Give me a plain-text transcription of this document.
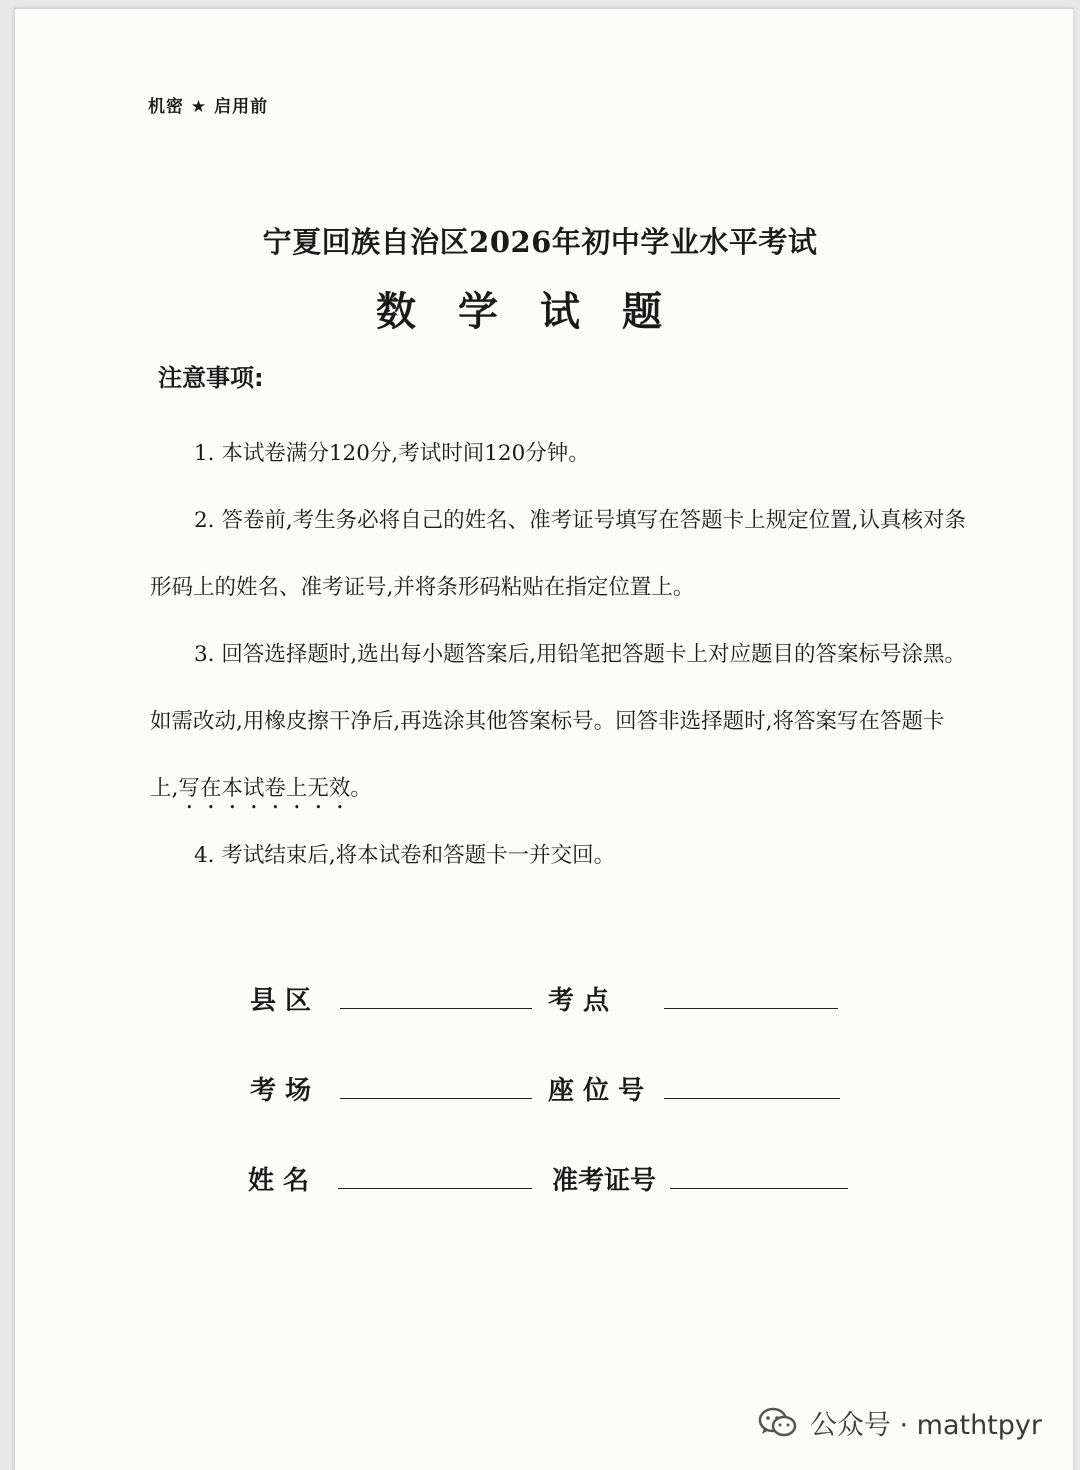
机密 ★ 启用前
宁夏回族自治区2026年初中学业水平考试
数学试题
注意事项:

1. 本试卷满分120分,考试时间120分钟。

2. 答卷前,考生务必将自己的姓名、准考证号填写在答题卡上规定位置,认真核对条形码上的姓名、准考证号,并将条形码粘贴在指定位置上。

3. 回答选择题时,选出每小题答案后,用铅笔把答题卡上对应题目的答案标号涂黑。如需改动,用橡皮擦干净后,再选涂其他答案标号。回答非选择题时,将答案写在答题卡上,写在本试卷上无效。

4. 考试结束后,将本试卷和答题卡一并交回。

县 区	考 点
考 场	座 位 号
姓 名	准考证号
公众号 · mathtpyr
